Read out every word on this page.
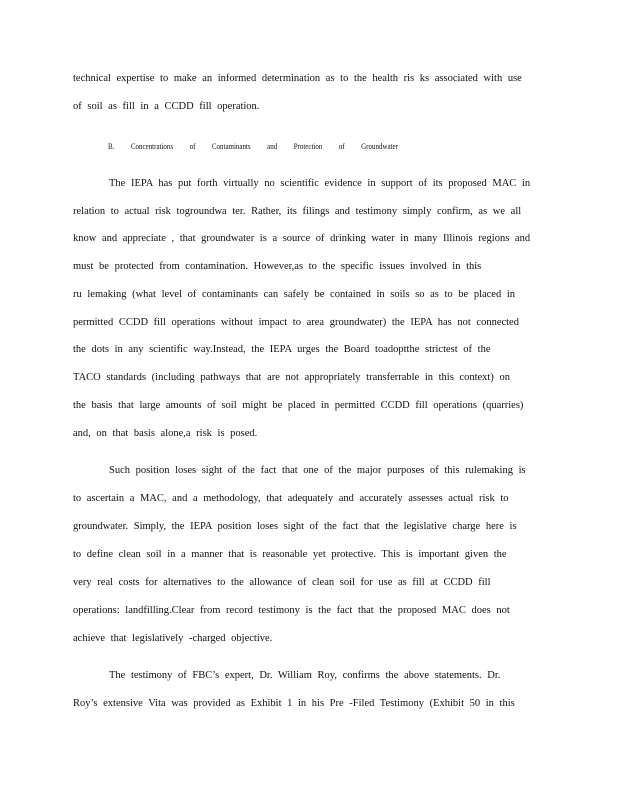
technical expertise to make an informed determination as to the health ris ks associated with use
of soil as fill in a CCDD fill operation.
B. Concentrations of Contaminants and Protection of Groundwater
The IEPA has put forth virtually no scientific evidence in support of its proposed MAC in
relation to actual risk togroundwa ter. Rather, its filings and testimony simply confirm, as we all
know and appreciate , that groundwater is a source of drinking water in many Illinois regions and
must be protected from contamination. However,as to the specific issues involved in this
ru lemaking (what level of contaminants can safely be contained in soils so as to be placed in
permitted CCDD fill operations without impact to area groundwater) the IEPA has not connected
the dots in any scientific way.Instead, the IEPA urges the Board toadoptthe strictest of the
TACO standards (including pathways that are not appropriately transferrable in this context) on
the basis that large amounts of soil might be placed in permitted CCDD fill operations (quarries)
and, on that basis alone,a risk is posed.
Such position loses sight of the fact that one of the major purposes of this rulemaking is
to ascertain a MAC, and a methodology, that adequately and accurately assesses actual risk to
groundwater. Simply, the IEPA position loses sight of the fact that the legislative charge here is
to define clean soil in a manner that is reasonable yet protective. This is important given the
very real costs for alternatives to the allowance of clean soil for use as fill at CCDD fill
operations: landfilling.Clear from record testimony is the fact that the proposed MAC does not
achieve that legislatively -charged objective.
The testimony of FBC’s expert, Dr. William Roy, confirms the above statements. Dr.
Roy’s extensive Vita was provided as Exhibit 1 in his Pre -Filed Testimony (Exhibit 50 in this
